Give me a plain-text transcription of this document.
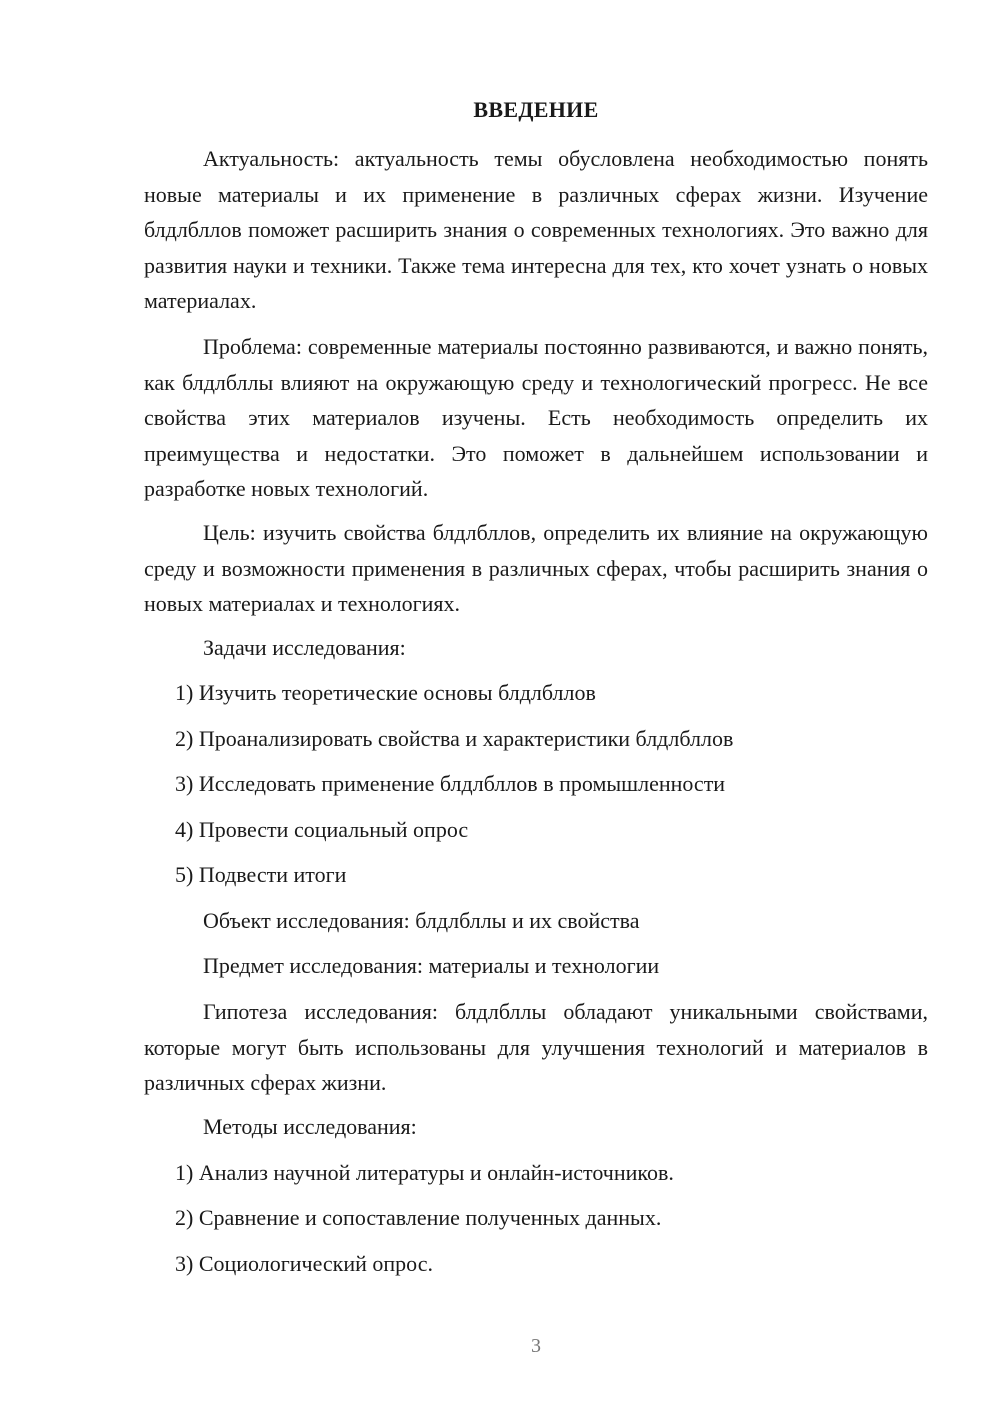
ВВЕДЕНИЕ

Актуальность: актуальность темы обусловлена необходимостью понять новые материалы и их применение в различных сферах жизни. Изучение блдлбллов поможет расширить знания о современных технологиях. Это важно для развития науки и техники. Также тема интересна для тех, кто хочет узнать о новых материалах.

Проблема: современные материалы постоянно развиваются, и важно понять, как блдлбллы влияют на окружающую среду и технологический прогресс. Не все свойства этих материалов изучены. Есть необходимость определить их преимущества и недостатки. Это поможет в дальнейшем использовании и разработке новых технологий.

Цель: изучить свойства блдлбллов, определить их влияние на окружающую среду и возможности применения в различных сферах, чтобы расширить знания о новых материалах и технологиях.

Задачи исследования:

1) Изучить теоретические основы блдлбллов

2) Проанализировать свойства и характеристики блдлбллов

3) Исследовать применение блдлбллов в промышленности

4) Провести социальный опрос

5) Подвести итоги

Объект исследования: блдлбллы и их свойства

Предмет исследования: материалы и технологии

Гипотеза исследования: блдлбллы обладают уникальными свойствами, которые могут быть использованы для улучшения технологий и материалов в различных сферах жизни.

Методы исследования:

1) Анализ научной литературы и онлайн-источников.

2) Сравнение и сопоставление полученных данных.

3) Социологический опрос.

3
